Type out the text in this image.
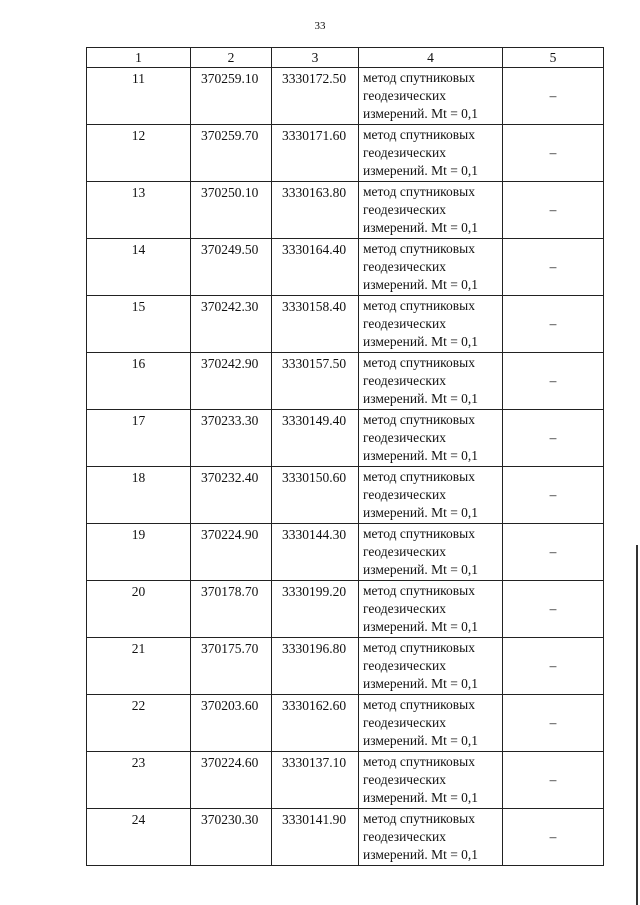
33
1	2	3	4	5
11	370259.10	3330172.50	метод спутниковых геодезических измерений. Mt = 0,1	–
12	370259.70	3330171.60	метод спутниковых геодезических измерений. Mt = 0,1	–
13	370250.10	3330163.80	метод спутниковых геодезических измерений. Mt = 0,1	–
14	370249.50	3330164.40	метод спутниковых геодезических измерений. Mt = 0,1	–
15	370242.30	3330158.40	метод спутниковых геодезических измерений. Mt = 0,1	–
16	370242.90	3330157.50	метод спутниковых геодезических измерений. Mt = 0,1	–
17	370233.30	3330149.40	метод спутниковых геодезических измерений. Mt = 0,1	–
18	370232.40	3330150.60	метод спутниковых геодезических измерений. Mt = 0,1	–
19	370224.90	3330144.30	метод спутниковых геодезических измерений. Mt = 0,1	–
20	370178.70	3330199.20	метод спутниковых геодезических измерений. Mt = 0,1	–
21	370175.70	3330196.80	метод спутниковых геодезических измерений. Mt = 0,1	–
22	370203.60	3330162.60	метод спутниковых геодезических измерений. Mt = 0,1	–
23	370224.60	3330137.10	метод спутниковых геодезических измерений. Mt = 0,1	–
24	370230.30	3330141.90	метод спутниковых геодезических измерений. Mt = 0,1	–
